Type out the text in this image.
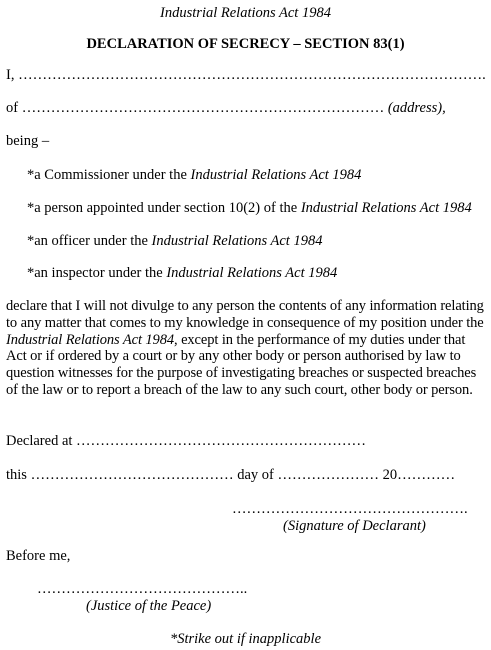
Industrial Relations Act 1984
DECLARATION OF SECRECY – SECTION 83(1)
I, …………………………………………………………………………………….
of ………………………………………………………………… (address),
being –
*a Commissioner under the Industrial Relations Act 1984
*a person appointed under section 10(2) of the Industrial Relations Act 1984
*an officer under the Industrial Relations Act 1984
*an inspector under the Industrial Relations Act 1984
declare that I will not divulge to any person the contents of any information relating to any matter that comes to my knowledge in consequence of my position under the Industrial Relations Act 1984, except in the performance of my duties under that Act or if ordered by a court or by any other body or person authorised by law to question witnesses for the purpose of investigating breaches or suspected breaches of the law or to report a breach of the law to any such court, other body or person.
Declared at ……………………………………………………
this …………………………………… day of ………………… 20…………
………………………………………….
(Signature of Declarant)
Before me,
……………………………………..
(Justice of the Peace)
*Strike out if inapplicable
